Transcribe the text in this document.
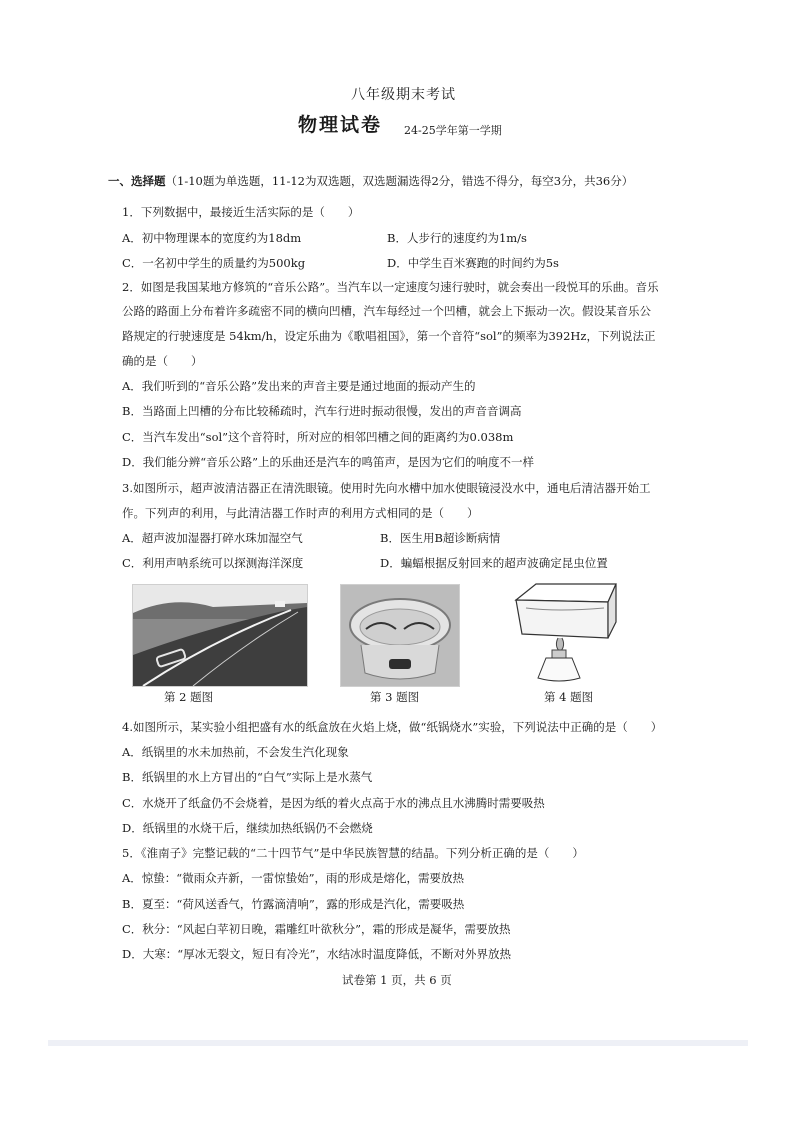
八年级期末考试
物理试卷 24-25学年第一学期
一、选择题（1-10题为单选题，11-12为双选题，双选题漏选得2分，错选不得分，每空3分，共36分）
1．下列数据中，最接近生活实际的是（　　）
A．初中物理课本的宽度约为18dm	B．人步行的速度约为1m/s
C．一名初中学生的质量约为500kg	D．中学生百米赛跑的时间约为5s
2．如图是我国某地方修筑的“音乐公路”。当汽车以一定速度匀速行驶时，就会奏出一段悦耳的乐曲。音乐
公路的路面上分布着许多疏密不同的横向凹槽，汽车每经过一个凹槽，就会上下振动一次。假设某音乐公
路规定的行驶速度是 54km/h，设定乐曲为《歌唱祖国》，第一个音符“sol”的频率为392Hz，下列说法正
确的是（　　）
A．我们听到的“音乐公路”发出来的声音主要是通过地面的振动产生的
B．当路面上凹槽的分布比较稀疏时，汽车行进时振动很慢，发出的声音音调高
C．当汽车发出“sol”这个音符时，所对应的相邻凹槽之间的距离约为0.038m
D．我们能分辨“音乐公路”上的乐曲还是汽车的鸣笛声，是因为它们的响度不一样
3.如图所示，超声波清洁器正在清洗眼镜。使用时先向水槽中加水使眼镜浸没水中，通电后清洁器开始工
作。下列声的利用，与此清洁器工作时声的利用方式相同的是（　　）
A．超声波加湿器打碎水珠加湿空气	B．医生用B超诊断病情
C．利用声呐系统可以探测海洋深度	D．蝙蝠根据反射回来的超声波确定昆虫位置
第 2 题图	第 3 题图	第 4 题图
4.如图所示，某实验小组把盛有水的纸盒放在火焰上烧，做“纸锅烧水”实验，下列说法中正确的是（　　）
A．纸锅里的水未加热前，不会发生汽化现象
B．纸锅里的水上方冒出的“白气”实际上是水蒸气
C．水烧开了纸盒仍不会烧着，是因为纸的着火点高于水的沸点且水沸腾时需要吸热
D．纸锅里的水烧干后，继续加热纸锅仍不会燃烧
5．《淮南子》完整记载的“二十四节气”是中华民族智慧的结晶。下列分析正确的是（　　）
A．惊蛰：“微雨众卉新，一雷惊蛰始”，雨的形成是熔化，需要放热
B．夏至：“荷风送香气，竹露滴清响”，露的形成是汽化，需要吸热
C．秋分：“风起白苹初日晚，霜雕红叶欲秋分”，霜的形成是凝华，需要放热
D．大寒：“厚冰无裂文，短日有冷光”，水结冰时温度降低，不断对外界放热
试卷第 1 页，共 6 页
